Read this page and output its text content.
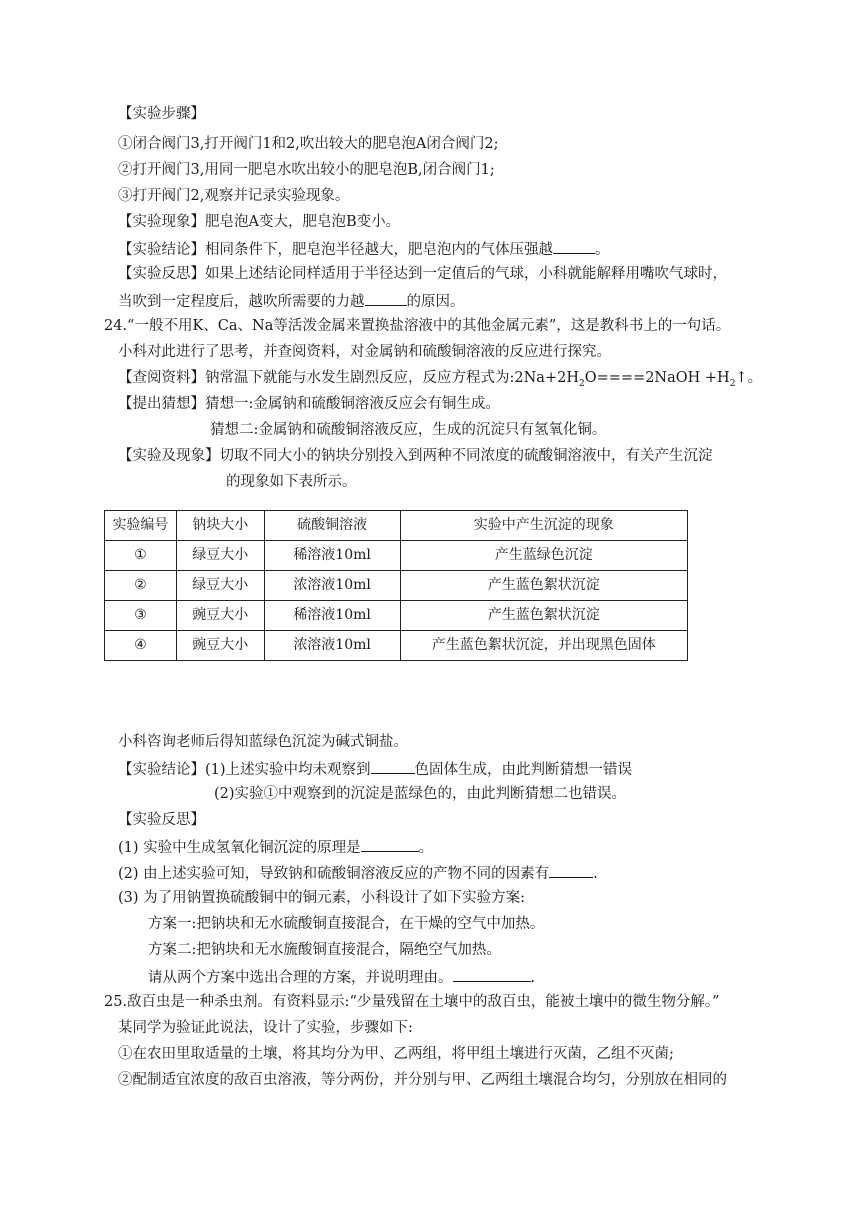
【实验步骤】
①闭合阀门3,打开阀门1和2,吹出较大的肥皂泡A闭合阀门2;
②打开阀门3,用同一肥皂水吹出较小的肥皂泡B,闭合阀门1;
③打开阀门2,观察并记录实验现象。
【实验现象】肥皂泡A变大，肥皂泡B变小。
【实验结论】相同条件下，肥皂泡半径越大，肥皂泡内的气体压强越	。
【实验反思】如果上述结论同样适用于半径达到一定值后的气球，小科就能解释用嘴吹气球时，
当吹到一定程度后，越吹所需要的力越	的原因。
24.“一般不用K、Ca、Na等活泼金属来置换盐溶液中的其他金属元素”，这是教科书上的一句话。
小科对此进行了思考，并查阅资料，对金属钠和硫酸铜溶液的反应进行探究。
【查阅资料】钠常温下就能与水发生剧烈反应，反应方程式为$:2Na+2H_2O====2NaOH$ $+H_2↑$。
【提出猜想】猜想一:金属钠和硫酸铜溶液反应会有铜生成。
猜想二:金属钠和硫酸铜溶液反应，生成的沉淀只有氢氧化铜。
【实验及现象】切取不同大小的钠块分别投入到两种不同浓度的硫酸铜溶液中，有关产生沉淀
的现象如下表所示。
实验编号	钠块大小	硫酸铜溶液	实验中产生沉淀的现象
①	绿豆大小	稀溶液10ml	产生蓝绿色沉淀
②	绿豆大小	浓溶液10ml	产生蓝色絮状沉淀
③	豌豆大小	稀溶液10ml	产生蓝色絮状沉淀
④	豌豆大小	浓溶液10ml	产生蓝色絮状沉淀，并出现黑色固体
小科咨询老师后得知蓝绿色沉淀为碱式铜盐。
【实验结论】(1)上述实验中均未观察到	色固体生成，由此判断猜想一错误
(2)实验①中观察到的沉淀是蓝绿色的，由此判断猜想二也错误。
【实验反思】
(1) 实验中生成氢氧化铜沉淀的原理是	。
(2) 由上述实验可知，导致钠和硫酸铜溶液反应的产物不同的因素有	.
(3) 为了用钠置换硫酸铜中的铜元素，小科设计了如下实验方案:
方案一:把钠块和无水硫酸铜直接混合，在干燥的空气中加热。
方案二:把钠块和无水旒酸铜直接混合，隔绝空气加热。
请从两个方案中选出合理的方案，并说明理由。	.
25.敌百虫是一种杀虫剂。有资料显示:“少量残留在土壤中的敌百虫，能被土壤中的微生物分解。”
某同学为验证此说法，设计了实验，步骤如下:
①在农田里取适量的土壤，将其均分为甲、乙两组，将甲组土壤进行灭菌，乙组不灭菌;
②配制适宜浓度的敌百虫溶液，等分两份，并分别与甲、乙两组土壤混合均匀，分别放在相同的
